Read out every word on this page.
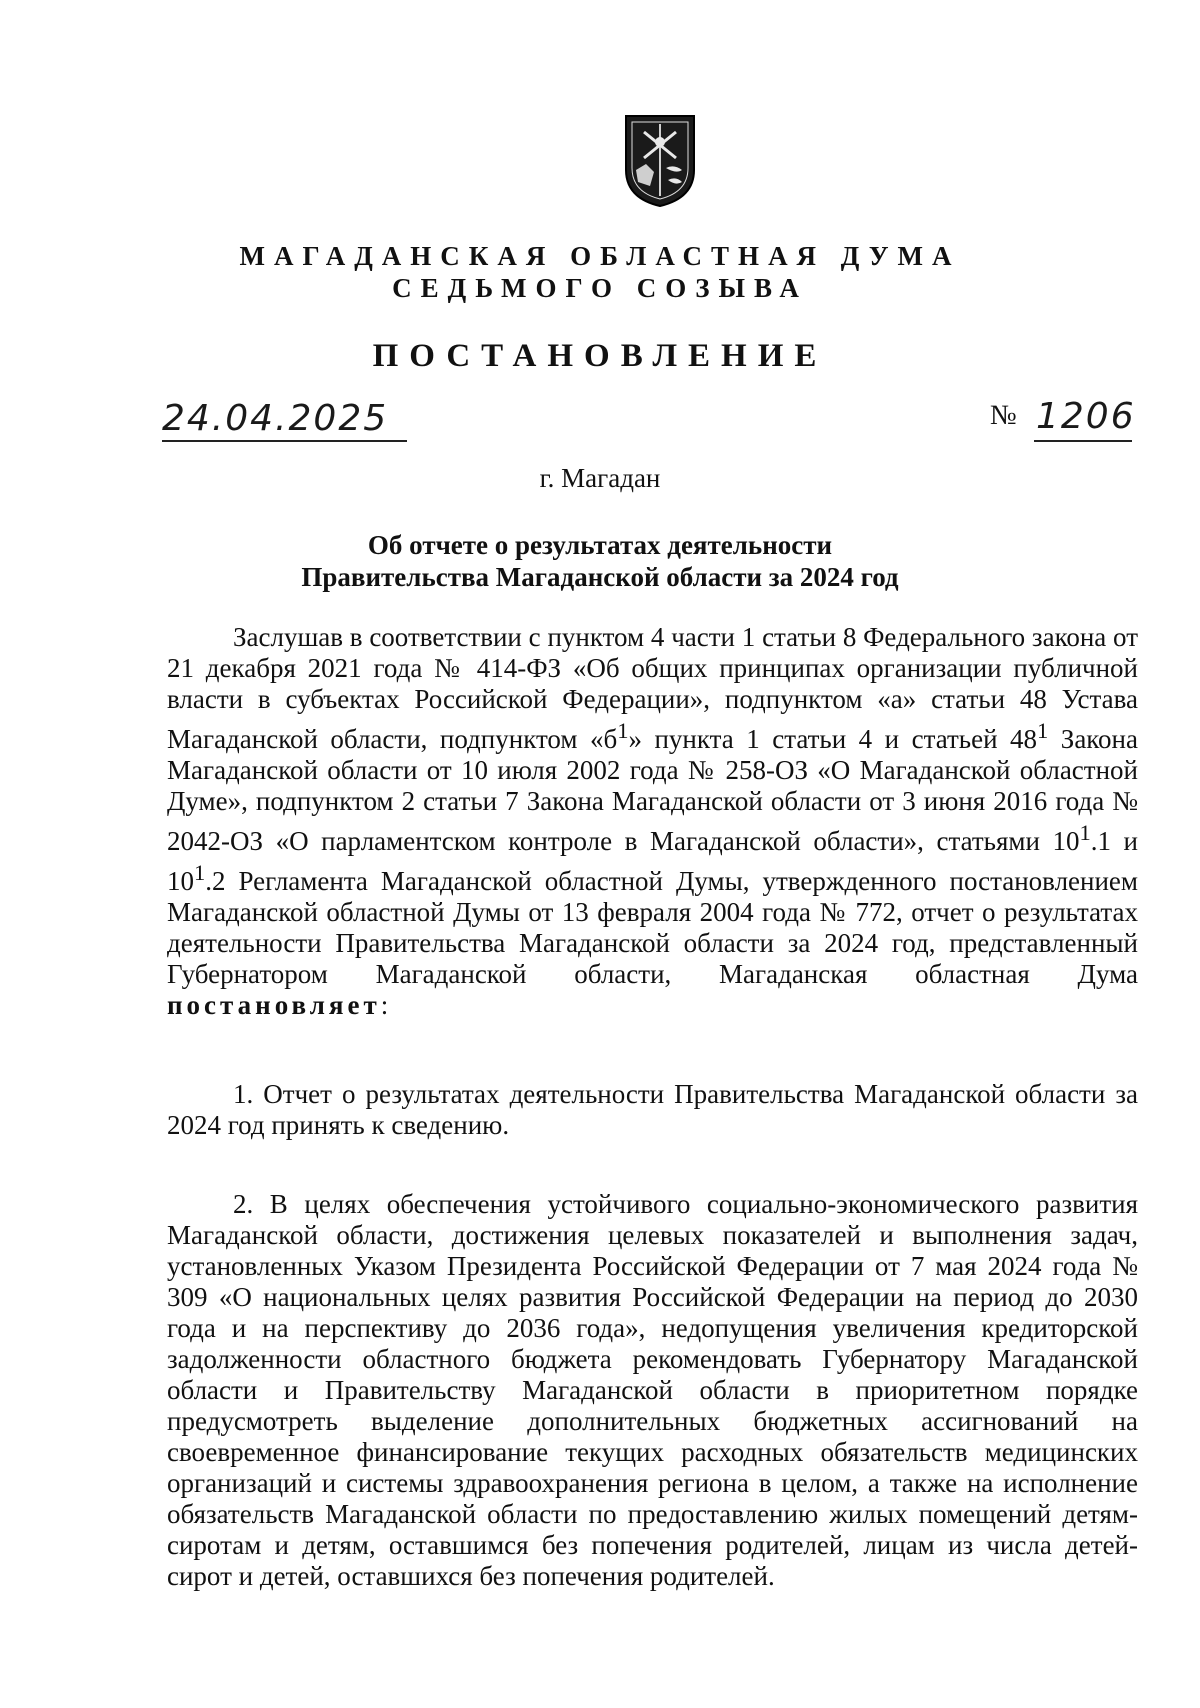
МАГАДАНСКАЯ ОБЛАСТНАЯ ДУМА
СЕДЬМОГО СОЗЫВА
ПОСТАНОВЛЕНИЕ
24.04.2025	№ 1206
г. Магадан
Об отчете о результатах деятельности
Правительства Магаданской области за 2024 год
Заслушав в соответствии с пунктом 4 части 1 статьи 8 Федерального закона от 21 декабря 2021 года № 414-ФЗ «Об общих принципах организации публичной власти в субъектах Российской Федерации», подпунктом «а» статьи 48 Устава Магаданской области, подпунктом «$б^1$» пункта 1 статьи 4 и статьей $48^1$ Закона Магаданской области от 10 июля 2002 года № 258-ОЗ «О Магаданской областной Думе», подпунктом 2 статьи 7 Закона Магаданской области от 3 июня 2016 года № 2042-ОЗ «О парламентском контроле в Магаданской области», статьями $10^1.1$ и $10^1.2$ Регламента Магаданской областной Думы, утвержденного постановлением Магаданской областной Думы от 13 февраля 2004 года № 772, отчет о результатах деятельности Правительства Магаданской области за 2024 год, представленный Губернатором Магаданской области, Магаданская областная Дума постановляет:
1. Отчет о результатах деятельности Правительства Магаданской области за 2024 год принять к сведению.
2. В целях обеспечения устойчивого социально-экономического развития Магаданской области, достижения целевых показателей и выполнения задач, установленных Указом Президента Российской Федерации от 7 мая 2024 года № 309 «О национальных целях развития Российской Федерации на период до 2030 года и на перспективу до 2036 года», недопущения увеличения кредиторской задолженности областного бюджета рекомендовать Губернатору Магаданской области и Правительству Магаданской области в приоритетном порядке предусмотреть выделение дополнительных бюджетных ассигнований на своевременное финансирование текущих расходных обязательств медицинских организаций и системы здравоохранения региона в целом, а также на исполнение обязательств Магаданской области по предоставлению жилых помещений детям-сиротам и детям, оставшимся без попечения родителей, лицам из числа детей-сирот и детей, оставшихся без попечения родителей.
